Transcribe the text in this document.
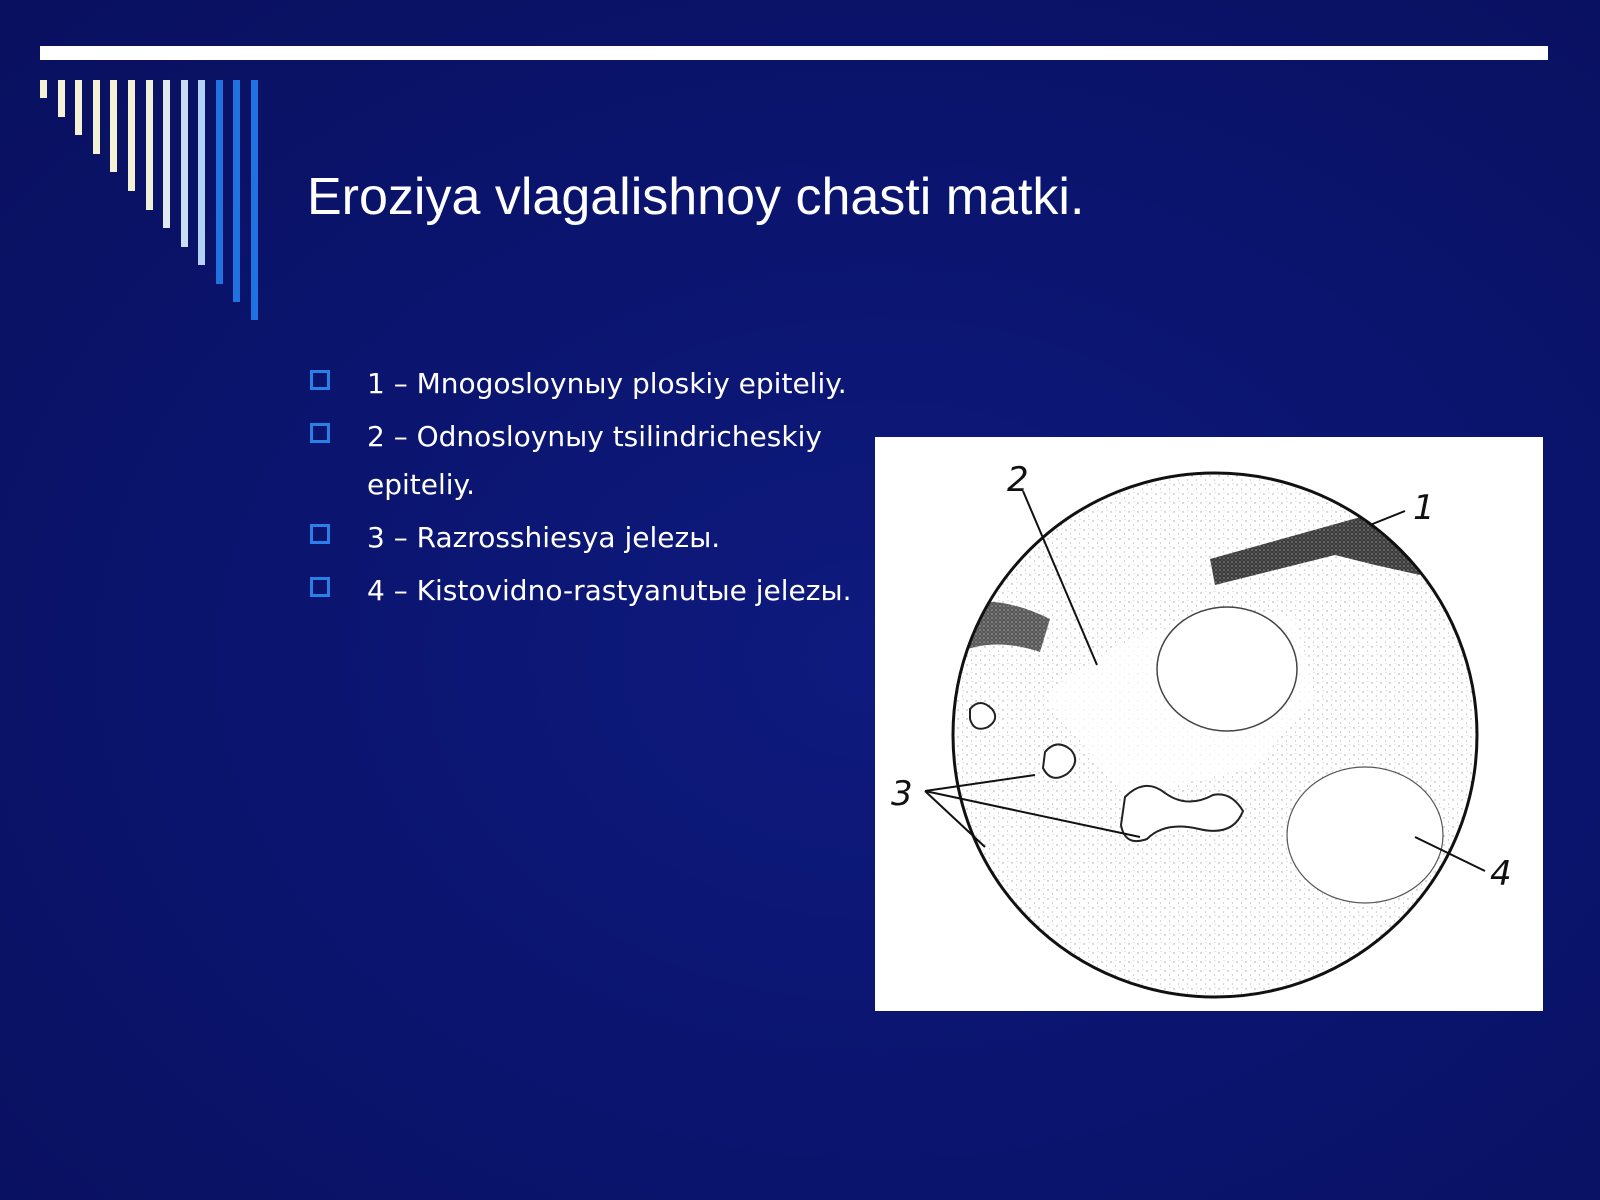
Eroziya vlagalishnoy chasti matki.
1 – Mnogosloynыy ploskiy epiteliy.
2 – Odnosloynыy tsilindricheskiy epiteliy.
3 – Razrosshiesya jelezы.
4 – Kistovidno-rastyanutыe jelezы.
2
1
3
4
